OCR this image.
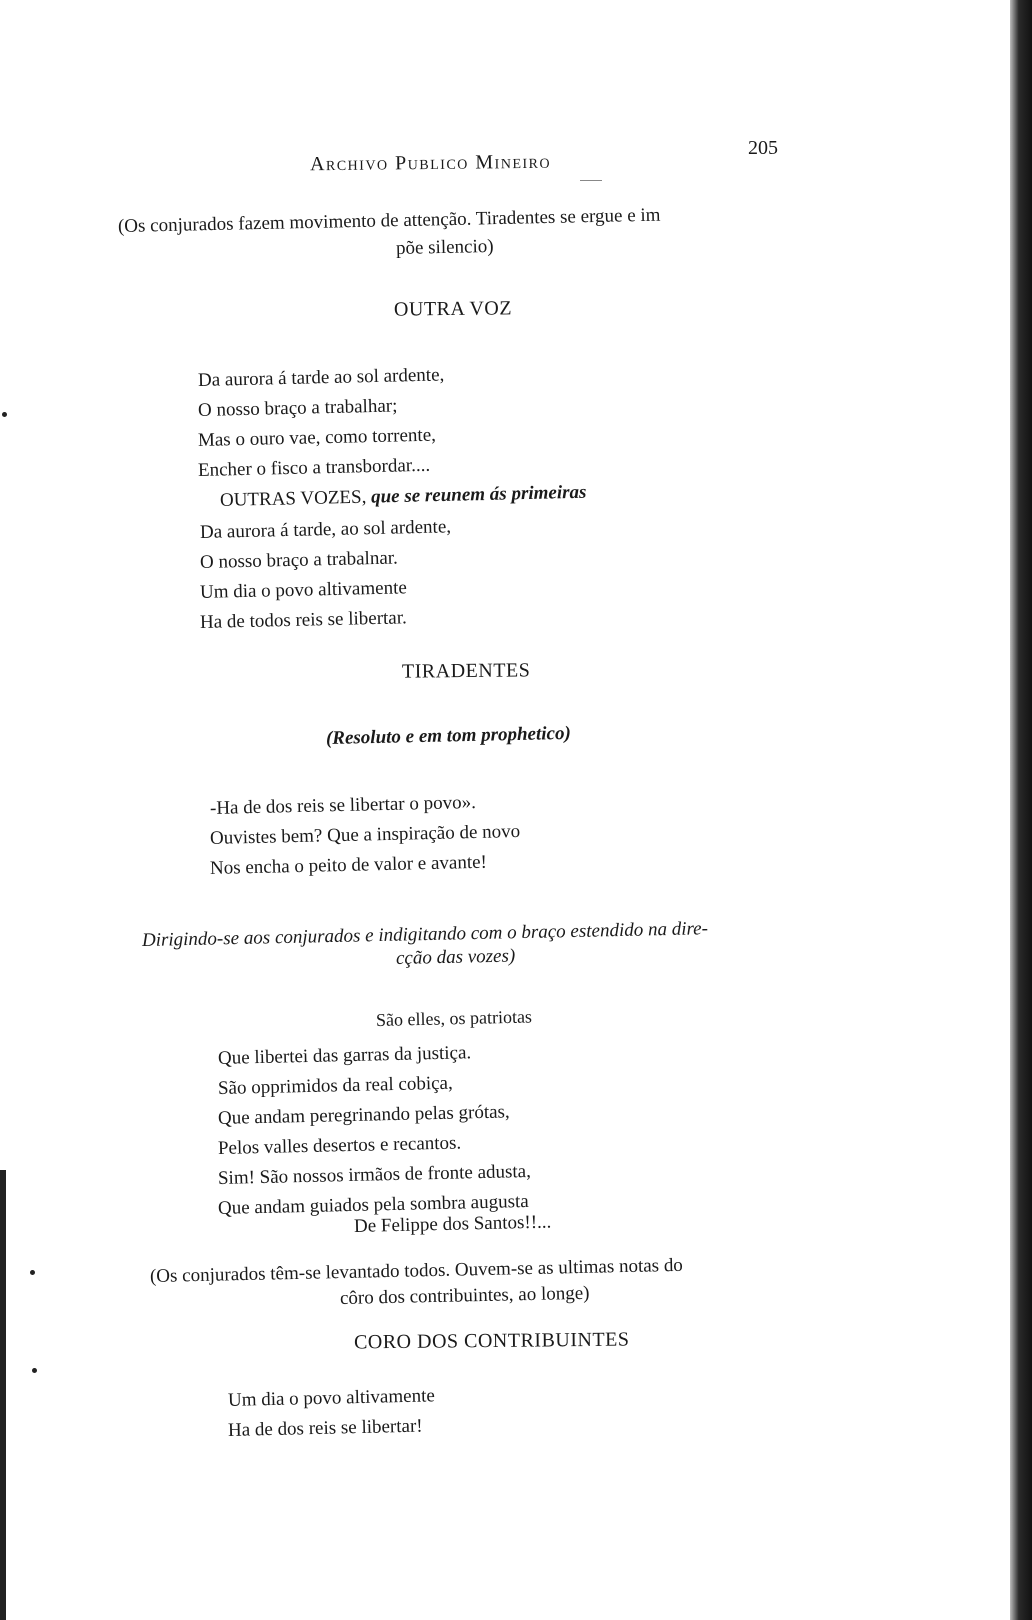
Archivo Publico Mineiro
205
(Os conjurados fazem movimento de attenção. Tiradentes se ergue e im
põe silencio)
OUTRA VOZ
Da aurora á tarde ao sol ardente,
O nosso braço a trabalhar;
Mas o ouro vae, como torrente,
Encher o fisco a transbordar....
OUTRAS VOZES, que se reunem ás primeiras
Da aurora á tarde, ao sol ardente,
O nosso braço a trabalnar.
Um dia o povo altivamente
Ha de todos reis se libertar.
TIRADENTES
(Resoluto e em tom prophetico)
-Ha de dos reis se libertar o povo».
Ouvistes bem? Que a inspiração de novo
Nos encha o peito de valor e avante!
Dirigindo-se aos conjurados e indigitando com o braço estendido na dire-
cção das vozes)
São elles, os patriotas
Que libertei das garras da justiça.
São opprimidos da real cobiça,
Que andam peregrinando pelas grótas,
Pelos valles desertos e recantos.
Sim! São nossos irmãos de fronte adusta,
Que andam guiados pela sombra augusta
De Felippe dos Santos!!...
(Os conjurados têm-se levantado todos. Ouvem-se as ultimas notas do
côro dos contribuintes, ao longe)
CORO DOS CONTRIBUINTES
Um dia o povo altivamente
Ha de dos reis se libertar!
